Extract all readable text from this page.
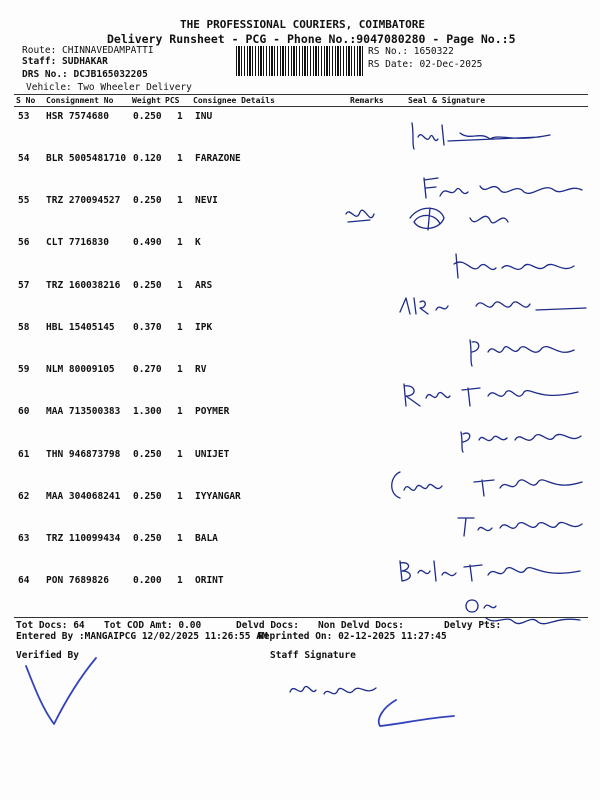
THE PROFESSIONAL COURIERS, COIMBATORE
Delivery Runsheet - PCG - Phone No.:9047080280 - Page No.:5
Route: CHINNAVEDAMPATTI
Staff: SUDHAKAR
DRS No.: DCJB165032205
Vehicle: Two Wheeler Delivery
RS No.: 1650322
RS Date: 02-Dec-2025
S No Consignment No Weight PCS Consignee Details	Remarks	Seal & Signature
53 HSR 7574680	0.250 1 INU
54 BLR 5005481710 0.120 1 FARAZONE
55 TRZ 270094527 0.250 1 NEVI
56 CLT 7716830	0.490 1 K
57 TRZ 160038216 0.250 1 ARS
58 HBL 15405145 0.370 1 IPK
59 NLM 80009105 0.270 1 RV
60 MAA 713500383 1.300 1 POYMER
61 THN 946873798 0.250 1 UNIJET
62 MAA 304068241 0.250 1 IYYANGAR
63 TRZ 110099434 0.250 1 BALA
64 PON 7689826	0.200 1 ORINT
Tot Docs: 64 Tot COD Amt: 0.00	Delvd Docs: Non Delvd Docs:	Delvy Pts:
Entered By :MANGAIPCG 12/02/2025 11:26:55 AM
Reprinted On: 02-12-2025 11:27:45
Verified By	Staff Signature
